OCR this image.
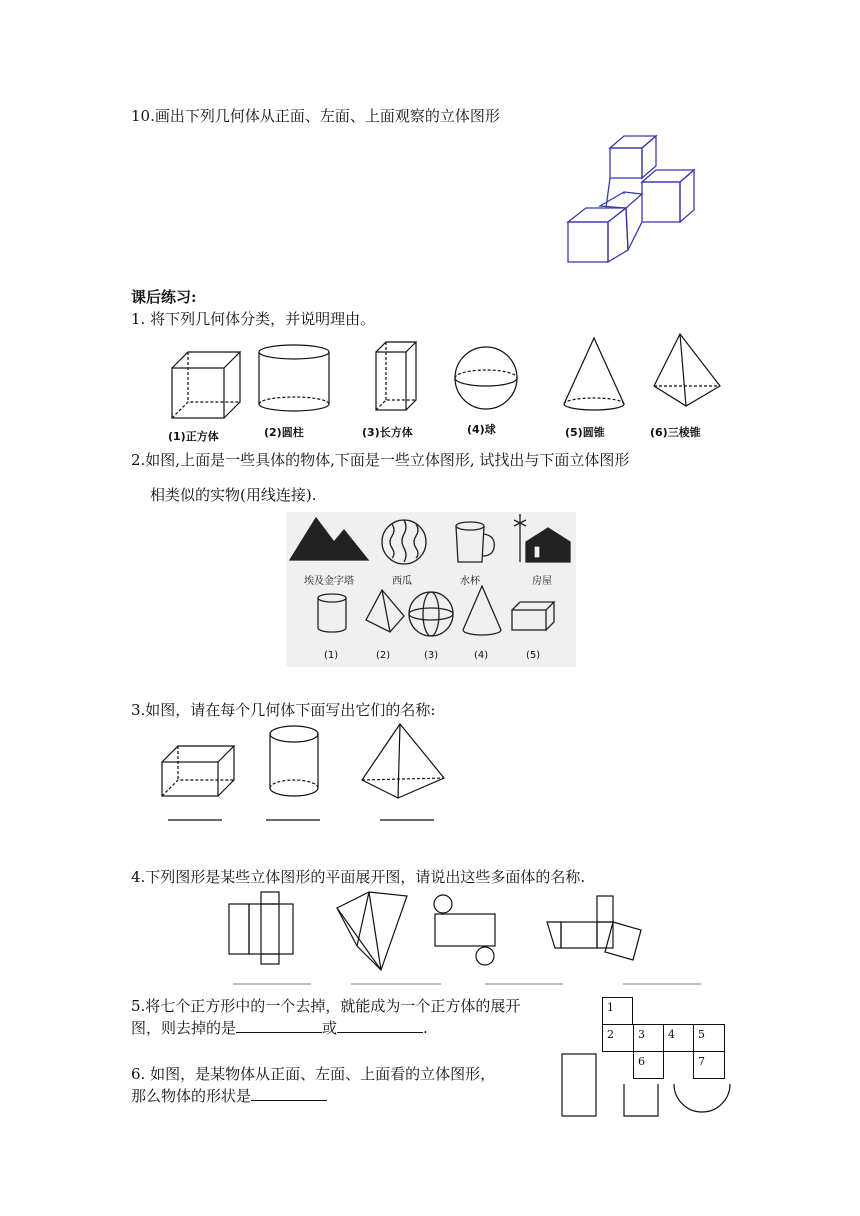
10.画出下列几何体从正面、左面、上面观察的立体图形
课后练习:
1. 将下列几何体分类，并说明理由。
(1)正方体	(2)圆柱	(3)长方体	(4)球	(5)圆锥	(6)三棱锥
2.如图,上面是一些具体的物体,下面是一些立体图形, 试找出与下面立体图形
相类似的实物(用线连接).
埃及金字塔	西瓜	水杯	房屋
(1)	(2)	(3)	(4)	(5)
3.如图，请在每个几何体下面写出它们的名称:
4.下列图形是某些立体图形的平面展开图，请说出这些多面体的名称.
5.将七个正方形中的一个去掉，就能成为一个正方体的展开
图，则去掉的是	或	.
1
2	3	4	5
6	7
6. 如图，是某物体从正面、左面、上面看的立体图形，
那么物体的形状是
